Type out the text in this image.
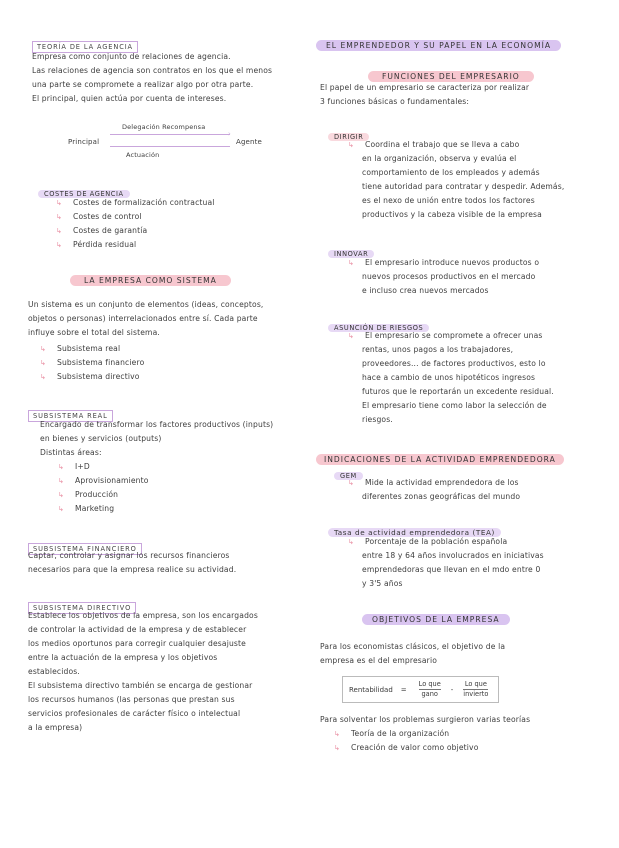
TEORÍA DE LA AGENCIA
Empresa como conjunto de relaciones de agencia.
Las relaciones de agencia son contratos en los que el menos
una parte se compromete a realizar algo por otra parte.
El principal, quien actúa por cuenta de intereses.
Principal
Delegación Recompensa
›
Actuación
Agente
COSTES DE AGENCIA
↳	Costes de formalización contractual
↳	Costes de control
↳	Costes de garantía
↳	Pérdida residual
LA EMPRESA COMO SISTEMA
Un sistema es un conjunto de elementos (ideas, conceptos,
objetos o personas) interrelacionados entre sí. Cada parte
influye sobre el total del sistema.
↳	Subsistema real
↳	Subsistema financiero
↳	Subsistema directivo
SUBSISTEMA REAL
Encargado de transformar los factores productivos (inputs)
en bienes y servicios (outputs)
Distintas áreas:
↳	I+D
↳	Aprovisionamiento
↳	Producción
↳	Marketing
SUBSISTEMA FINANCIERO
Captar, controlar y asignar los recursos financieros
necesarios para que la empresa realice su actividad.
SUBSISTEMA DIRECTIVO
Establece los objetivos de la empresa, son los encargados
de controlar la actividad de la empresa y de establecer
los medios oportunos para corregir cualquier desajuste
entre la actuación de la empresa y los objetivos
establecidos.
El subsistema directivo también se encarga de gestionar
los recursos humanos (las personas que prestan sus
servicios profesionales de carácter físico o intelectual
a la empresa)
EL EMPRENDEDOR Y SU PAPEL EN LA ECONOMÍA
FUNCIONES DEL EMPRESARIO
El papel de un empresario se caracteriza por realizar
3 funciones básicas o fundamentales:
DIRIGIR
↳	Coordina el trabajo que se lleva a cabo
en la organización, observa y evalúa el
comportamiento de los empleados y además
tiene autoridad para contratar y despedir. Además,
es el nexo de unión entre todos los factores
productivos y la cabeza visible de la empresa
INNOVAR
↳	El empresario introduce nuevos productos o
nuevos procesos productivos en el mercado
e incluso crea nuevos mercados
ASUNCIÓN DE RIESGOS
↳	El empresario se compromete a ofrecer unas
rentas, unos pagos a los trabajadores,
proveedores... de factores productivos, esto lo
hace a cambio de unos hipotéticos ingresos
futuros que le reportarán un excedente residual.
El empresario tiene como labor la selección de
riesgos.
INDICACIONES DE LA ACTIVIDAD EMPRENDEDORA
GEM
↳	Mide la actividad emprendedora de los
diferentes zonas geográficas del mundo
Tasa de actividad emprendedora (TEA)
↳	Porcentaje de la población española
entre 18 y 64 años involucrados en iniciativas
emprendedoras que llevan en el mdo entre 0
y 3'5 años
OBJETIVOS DE LA EMPRESA
Para los economistas clásicos, el objetivo de la
empresa es el del empresario
Rentabilidad = $\frac{\text{Lo que}}{\text{gano}} - \frac{\text{Lo que}}{\text{invierto}}$
Para solventar los problemas surgieron varias teorías
↳	Teoría de la organización
↳	Creación de valor como objetivo
